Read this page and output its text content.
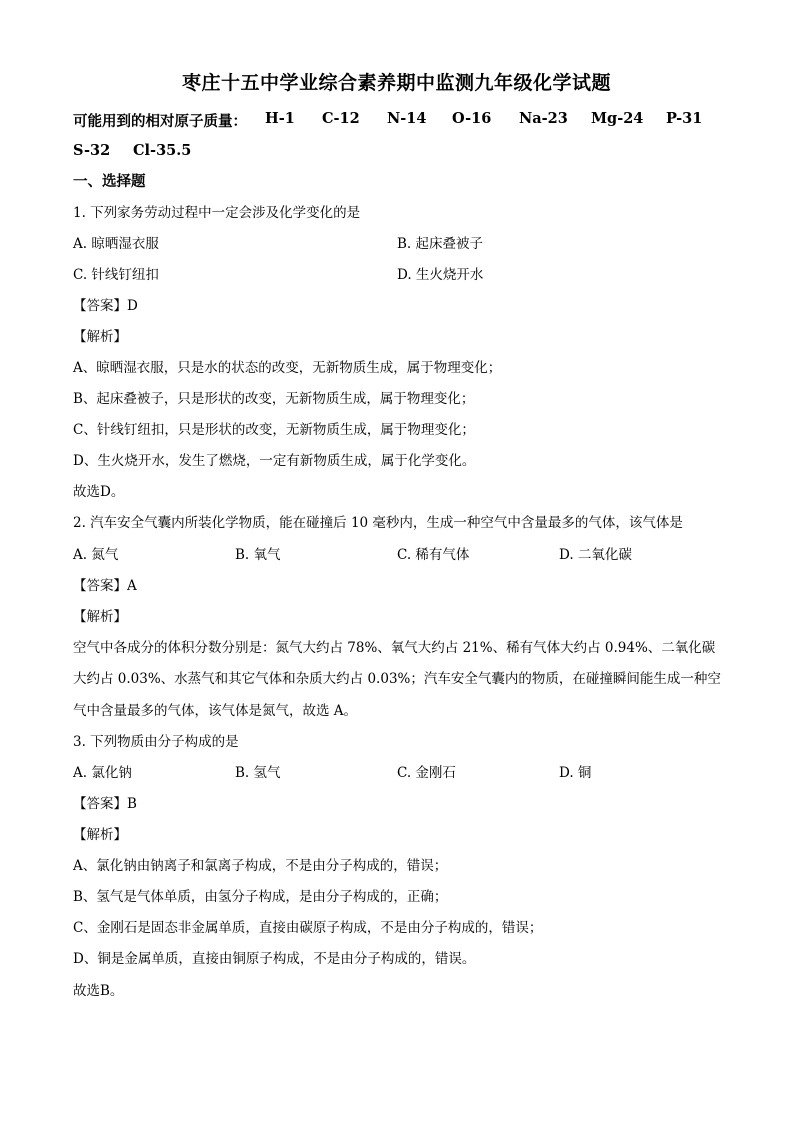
枣庄十五中学业综合素养期中监测九年级化学试题
可能用到的相对原子质量： H-1 C-12 N-14 O-16 Na-23 Mg-24 P-31
S-32 Cl-35.5
一、选择题
1. 下列家务劳动过程中一定会涉及化学变化的是
A. 晾晒湿衣服	B. 起床叠被子
C. 针线钉纽扣	D. 生火烧开水
【答案】D
【解析】
A、晾晒湿衣服，只是水的状态的改变，无新物质生成，属于物理变化；
B、起床叠被子，只是形状的改变，无新物质生成，属于物理变化；
C、针线钉纽扣，只是形状的改变，无新物质生成，属于物理变化；
D、生火烧开水，发生了燃烧，一定有新物质生成，属于化学变化。
故选D。
2. 汽车安全气囊内所装化学物质，能在碰撞后 10 毫秒内，生成一种空气中含量最多的气体，该气体是
A. 氮气	B. 氧气	C. 稀有气体	D. 二氧化碳
【答案】A
【解析】
空气中各成分的体积分数分别是：氮气大约占 78%、氧气大约占 21%、稀有气体大约占 0.94%、二氧化碳
大约占 0.03%、水蒸气和其它气体和杂质大约占 0.03%；汽车安全气囊内的物质，在碰撞瞬间能生成一种空
气中含量最多的气体，该气体是氮气，故选 A。
3. 下列物质由分子构成的是
A. 氯化钠	B. 氢气	C. 金刚石	D. 铜
【答案】B
【解析】
A、氯化钠由钠离子和氯离子构成，不是由分子构成的，错误；
B、氢气是气体单质，由氢分子构成，是由分子构成的，正确；
C、金刚石是固态非金属单质，直接由碳原子构成，不是由分子构成的，错误；
D、铜是金属单质，直接由铜原子构成，不是由分子构成的，错误。
故选B。
